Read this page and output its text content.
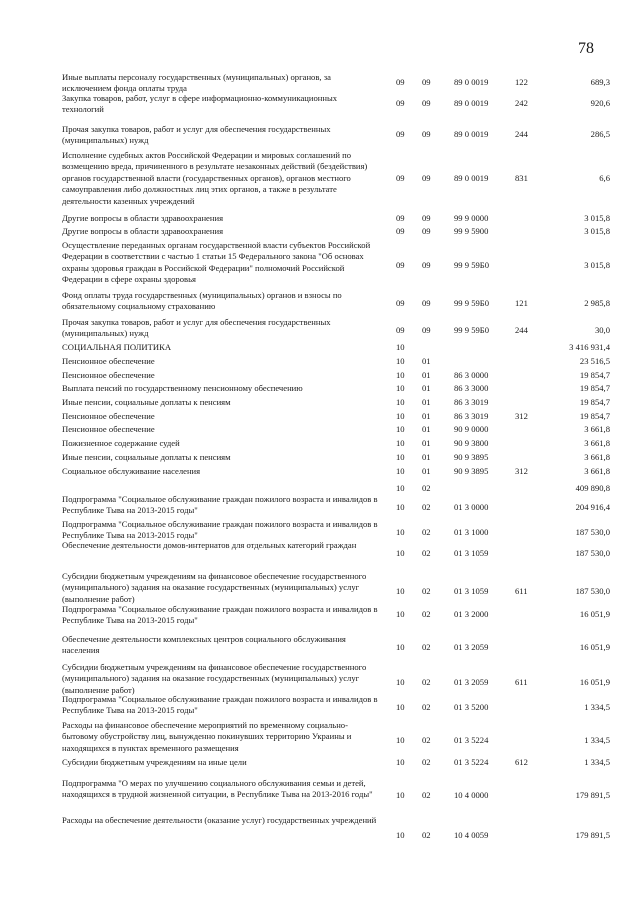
78
Иные выплаты персоналу государственных (муниципальных) органов, за исключением фонда оплаты труда
09 09	89 0 0019	122	689,3
Закупка товаров, работ, услуг в сфере информационно-коммуникационных технологий
09 09	89 0 0019	242	920,6
Прочая закупка товаров, работ и услуг для обеспечения государственных (муниципальных) нужд
09 09	89 0 0019	244	286,5
Исполнение судебных актов Российской Федерации и мировых соглашений по возмещению вреда, причиненного в результате незаконных действий (бездействия) органов государственной власти (государственных органов), органов местного самоуправления либо должностных лиц этих органов, а также в результате деятельности казенных учреждений
09 09	89 0 0019	831	6,6
Другие вопросы в области здравоохранения	09 09	99 9 0000	3 015,8
Другие вопросы в области здравоохранения	09 09	99 9 5900	3 015,8
Осуществление переданных органам государственной власти субъектов Российской Федерации в соответствии с частью 1 статьи 15 Федерального закона "Об основах охраны здоровья граждан в Российской Федерации" полномочий Российской Федерации в сфере охраны здоровья
09 09	99 9 59Б0	3 015,8
Фонд оплаты труда государственных (муниципальных) органов и взносы по обязательному социальному страхованию	09 09	99 9 59Б0	121	2 985,8
Прочая закупка товаров, работ и услуг для обеспечения государственных (муниципальных) нужд	09 09	99 9 59Б0	244	30,0
СОЦИАЛЬНАЯ ПОЛИТИКА	10	3 416 931,4
Пенсионное обеспечение	10 01	23 516,5
Пенсионное обеспечение	10 01	86 3 0000	19 854,7
Выплата пенсий по государственному пенсионному обеспечению	10 01	86 3 3000	19 854,7
Иные пенсии, социальные доплаты к пенсиям	10 01	86 3 3019	19 854,7
Пенсионное обеспечение	10 01	86 3 3019	312	19 854,7
Пенсионное обеспечение	10 01	90 9 0000	3 661,8
Пожизненное содержание судей	10 01	90 9 3800	3 661,8
Иные пенсии, социальные доплаты к пенсиям	10 01	90 9 3895	3 661,8
Социальное обслуживание населения	10 01	90 9 3895	312	3 661,8
10 02	409 890,8
Подпрограмма "Социальное обслуживание граждан пожилого возраста и инвалидов в Республике Тыва на 2013-2015 годы"	10 02	01 3 0000	204 916,4
Подпрограмма "Социальное обслуживание граждан пожилого возраста и инвалидов в Республике Тыва на 2013-2015 годы"	10 02	01 3 1000	187 530,0
Обеспечение деятельности домов-интернатов для отдельных категорий граждан
10 02	01 3 1059	187 530,0
Субсидии бюджетным учреждениям на финансовое обеспечение государственного (муниципального) задания на оказание государственных (муниципальных) услуг (выполнение работ)
10 02	01 3 1059	611	187 530,0
Подпрограмма "Социальное обслуживание граждан пожилого возраста и инвалидов в Республике Тыва на 2013-2015 годы"
10 02	01 3 2000	16 051,9
Обеспечение деятельности комплексных центров социального обслуживания населения	10 02	01 3 2059	16 051,9
Субсидии бюджетным учреждениям на финансовое обеспечение государственного (муниципального) задания на оказание государственных (муниципальных) услуг (выполнение работ)
10 02	01 3 2059	611	16 051,9
Подпрограмма "Социальное обслуживание граждан пожилого возраста и инвалидов в Республике Тыва на 2013-2015 годы"	10 02	01 3 5200	1 334,5
Расходы на финансовое обеспечение мероприятий по временному социально-бытовому обустройству лиц, вынужденно покинувших территорию Украины и находящихся в пунктах временного размещения
10 02	01 3 5224	1 334,5
Субсидии бюджетным учреждениям на иные цели	10 02	01 3 5224	612	1 334,5
Подпрограмма "О мерах по улучшению социального обслуживания семьи и детей, находящихся в трудной жизненной ситуации, в Республике Тыва на 2013-2016 годы"	10 02	10 4 0000	179 891,5
Расходы на обеспечение деятельности (оказание услуг) государственных учреждений
10 02	10 4 0059	179 891,5
